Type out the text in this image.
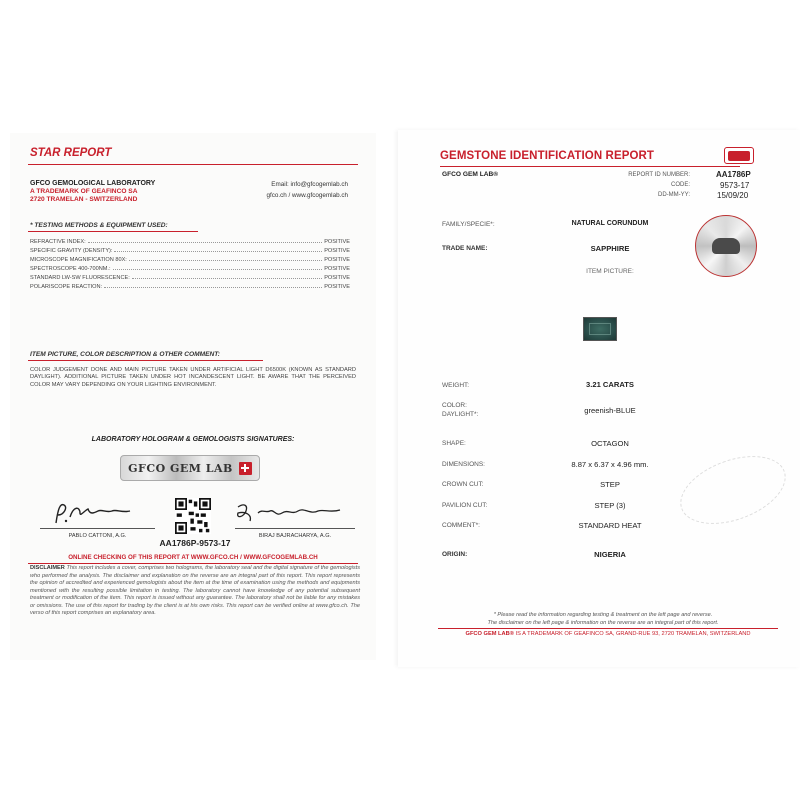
STAR REPORT
GFCO GEMOLOGICAL LABORATORY
A TRADEMARK OF GEAFINCO SA
2720 TRAMELAN - SWITZERLAND
Email: info@gfcogemlab.ch
gfco.ch / www.gfcogemlab.ch
* TESTING METHODS & EQUIPMENT USED:
REFRACTIVE INDEX:	POSITIVE
SPECIFIC GRAVITY (DENSITY):	POSITIVE
MICROSCOPE MAGNIFICATION 80X:	POSITIVE
SPECTROSCOPE 400-700NM.:	POSITIVE
STANDARD LW-SW FLUORESCENCE:	POSITIVE
POLARISCOPE REACTION:	POSITIVE
ITEM PICTURE, COLOR DESCRIPTION & OTHER COMMENT:
COLOR JUDGEMENT DONE AND MAIN PICTURE TAKEN UNDER ARTIFICIAL LIGHT D6500K (KNOWN AS STANDARD DAYLIGHT). ADDITIONAL PICTURE TAKEN UNDER HOT INCANDESCENT LIGHT. BE AWARE THAT THE PERCEIVED COLOR MAY VARY DEPENDING ON YOUR LIGHTING ENVIRONMENT.
LABORATORY HOLOGRAM & GEMOLOGISTS SIGNATURES:
GFCO GEM LAB
PABLO CATTONI, A.G.
AA1786P-9573-17
BIRAJ BAJRACHARYA, A.G.
ONLINE CHECKING OF THIS REPORT AT WWW.GFCO.CH / WWW.GFCOGEMLAB.CH
DISCLAIMER This report includes a cover, comprises two holograms, the laboratory seal and the digital signature of the gemologists who performed the analysis. The disclaimer and explanation on the reverse are an integral part of this report. This report represents the opinion of accredited and experienced gemologists about the item at the time of examination using the methods and equipments mentioned with the resulting possible limitation in testing. The laboratory cannot have knowledge of any potential subsequent treatment or modification of the item. This report is issued without any guarantee. The laboratory shall not be liable for any mistakes or omissions. The use of this report for trading by the client is at his own risks. This report can be verified online at www.gfco.ch. The verso of this report comprises an explanatory area.
GEMSTONE IDENTIFICATION REPORT
GFCO GEM LAB®	REPORT ID NUMBER:	AA1786P
CODE:	9573-17
DD-MM-YY:	15/09/20
FAMILY/SPECIE*:	NATURAL CORUNDUM
TRADE NAME:	SAPPHIRE
ITEM PICTURE:
WEIGHT:	3.21 CARATS
COLOR:
DAYLIGHT*:	greenish-BLUE
SHAPE:	OCTAGON
DIMENSIONS:	8.87 x 6.37 x 4.96 mm.
CROWN CUT:	STEP
PAVILION CUT:	STEP (3)
COMMENT*:	STANDARD HEAT
ORIGIN:	NIGERIA
* Please read the information regarding testing & treatment on the left page and reverse.
The disclaimer on the left page & information on the reverse are an integral part of this report.
GFCO GEM LAB® IS A TRADEMARK OF GEAFINCO SA, GRAND-RUE 93, 2720 TRAMELAN, SWITZERLAND
